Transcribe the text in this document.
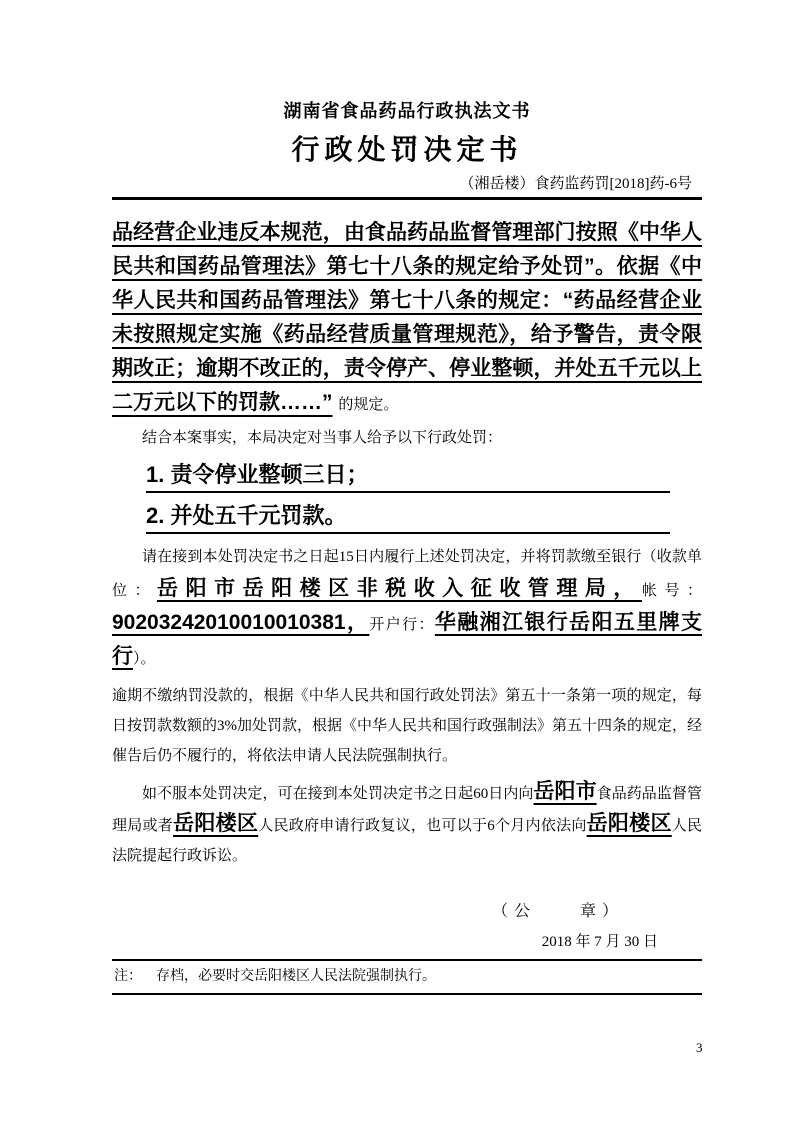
湖南省食品药品行政执法文书
行政处罚决定书
（湘岳楼）食药监药罚[2018]药-6号
品经营企业违反本规范，由食品药品监督管理部门按照《中华人民共和国药品管理法》第七十八条的规定给予处罚”。依据《中华人民共和国药品管理法》第七十八条的规定：“药品经营企业未按照规定实施《药品经营质量管理规范》，给予警告，责令限期改正；逾期不改正的，责令停产、停业整顿，并处五千元以上二万元以下的罚款……” 的规定。
结合本案事实，本局决定对当事人给予以下行政处罚：
1. 责令停业整顿三日；
2. 并处五千元罚款。
请在接到本处罚决定书之日起15日内履行上述处罚决定，并将罚款缴至银行（收款单位：岳阳市岳阳楼区非税收入征收管理局，帐号：90203242010010010381，开户行：华融湘江银行岳阳五里牌支行）。
逾期不缴纳罚没款的，根据《中华人民共和国行政处罚法》第五十一条第一项的规定，每日按罚款数额的3%加处罚款，根据《中华人民共和国行政强制法》第五十四条的规定，经催告后仍不履行的，将依法申请人民法院强制执行。
如不服本处罚决定，可在接到本处罚决定书之日起60日内向岳阳市食品药品监督管理局或者岳阳楼区人民政府申请行政复议，也可以于6个月内依法向岳阳楼区人民法院提起行政诉讼。
（公　　章）
2018 年 7 月 30 日
注： 存档，必要时交岳阳楼区人民法院强制执行。
3
